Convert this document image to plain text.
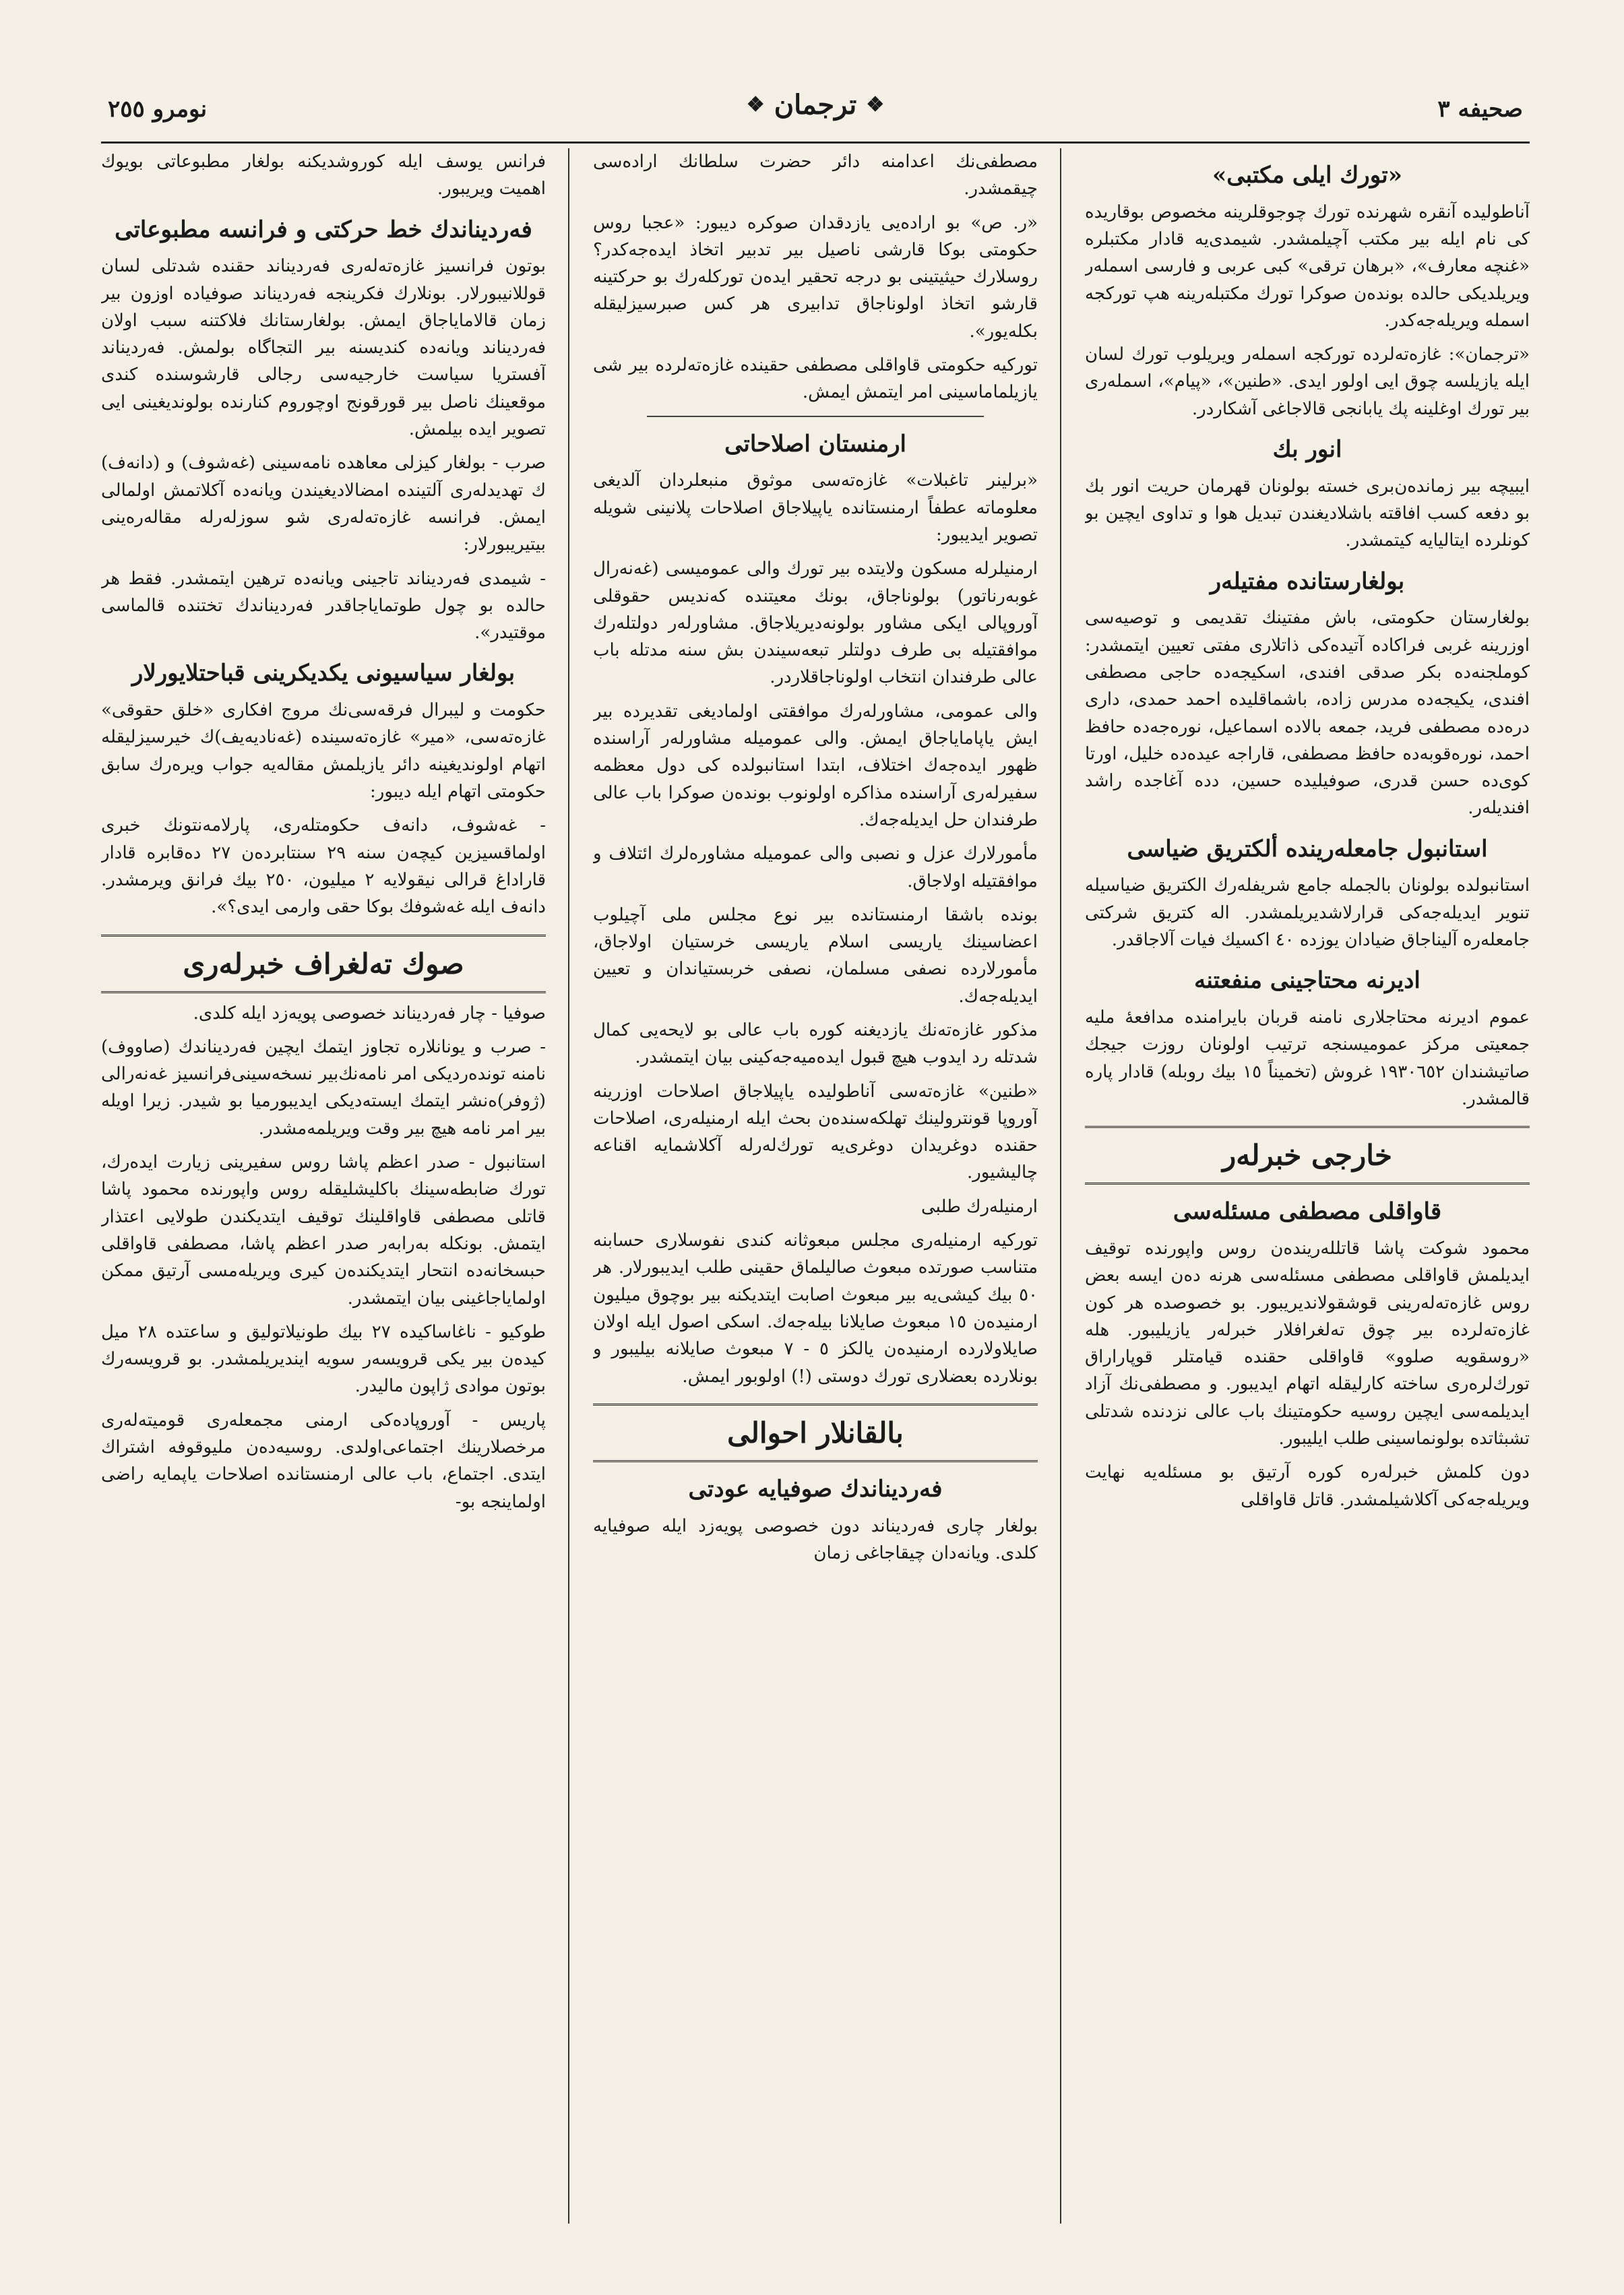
صحیفه ٣
❖
ترجمان
❖
نومرو ٢٥٥
«تورك ایلی مكتبی»

آناطولیده آنقره شهرنده تورك چوجوقلرینه مخصوص بوقاریده كی نام ایله بیر مكتب آچیلمشدر. شیمدی‌یه قادار مكتبلره «غنچه معارف»، «برهان ترقی» كبی عربی و فارسی اسمله‌ر ویریلدیكی حالده بونده‌ن صوكرا تورك مكتبله‌رینه هپ توركجه اسمله ویریله‌جه‌كدر.

«ترجمان»: غازه‌ته‌لرده توركجه اسمله‌ر ویریلوب تورك لسان ایله یازیلسه چوق ایی اولور ایدی. «طنین»، «پیام»، اسمله‌ری بیر تورك اوغلینه پك یابانجی قالاجاغی آشكاردر.

انور بك

ایبیچه بیر زمانده‌ن‌بری خسته بولونان قهرمان حریت انور بك بو دفعه كسب افاقته باشلادیغندن تبدیل هوا و تداوی ایچین بو كونلرده ایتالیایه كیتمشدر.

بولغارستانده مفتیله‌ر

بولغارستان حكومتی، باش مفتینك تقدیمی و توصیه‌سی اوزرینه غربی فراكاده آتیده‌كی ذاتلاری مفتی تعیین ایتمشدر: كوملجنه‌ده بكر صدقی افندی، اسكیجه‌ده حاجی مصطفی افندی، یكیجه‌ده مدرس زاده، باشماقلیده احمد حمدی، داری دره‌ده مصطفی فرید، جمعه بالاده اسماعیل، نوره‌جه‌ده حافظ احمد، نوره‌قوبه‌ده حافظ مصطفی، قاراجه عیده‌ده خلیل، اورتا كوی‌ده حسن قدری، صوفیلیده حسین، دده آغاجده راشد افندیله‌ر.

استانبول جامعله‌رینده ألكتریق ضیاسی

استانبولده بولونان بالجمله جامع شریفله‌رك الكتریق ضیاسیله تنویر ایدیله‌جه‌كی قرارلاشدیریلمشدر. اله كتریق شركتی جامعله‌ره آلیناجاق ضیادان یوزده ٤٠ اكسیك فیات آلاجاقدر.

ادیرنه محتاجینی منفعتنه

عموم ادیرنه محتاجلاری نامنه قربان بایرامنده مدافعهٔ ملیه جمعیتی مركز عمومیسنجه ترتیب اولونان روزت جیجك صاتیشندان ١٩٣٠٦٥٢ غروش (تخمیناً ١٥ بیك روبله) قادار پاره قالمشدر.

خارجی خبرله‌ر
قاواقلی مصطفی مسئله‌سی

محمود شوكت پاشا قاتلله‌رینده‌ن روس واپورنده توقیف ایدیلمش قاواقلی مصطفی مسئله‌سی هرنه ده‌ن ایسه بعض روس غازه‌ته‌له‌رینی قوشقولاندیریبور. بو خصوصده هر كون غازه‌ته‌لرده بیر چوق ته‌لغرافلار خبرله‌ر یازیلیبور. هله «روسقویه صلوو» قاواقلی حقنده قیامتلر قوپاراراق تورك‌لره‌ری ساخته كارلیقله اتهام ایدیبور. و مصطفی‌نك آزاد ایدیلمه‌سی ایچین روسیه حكومتینك باب عالی نزدنده شدتلی تشبثاتده بولونماسینی طلب ایلیبور.

دون كلمش خبرله‌ره كوره آرتیق بو مسئله‌یه نهایت ویریله‌جه‌كی آكلاشیلمشدر. قاتل قاواقلی

مصطفی‌نك اعدامنه دائر حضرت سلطانك اراده‌سی چیقمشدر.

«ر. ص» بو اراده‌یی یازدقدان صوكره دیبور: «عجبا روس حكومتی بوكا قارشی ناصیل بیر تدبیر اتخاذ ایده‌جه‌كدر؟ روسلارك حیثیتینی بو درجه تحقیر ایده‌ن توركله‌رك بو حركتینه قارشو اتخاذ اولوناجاق تدابیری هر كس صبرسیزلیقله بكله‌یور».

توركیه حكومتی قاواقلی مصطفی حقینده غازه‌ته‌لرده بیر شی یازیلماماسینی امر ایتمش ایمش.

ارمنستان اصلاحاتی

«برلینر تاغبلات» غازه‌ته‌سی موثوق منبعلردان آلدیغی معلوماته عطفاً ارمنستانده یاپیلاجاق اصلاحات پلانینی شویله تصویر ایدیبور:

ارمنیلرله مسكون ولایتده بیر تورك والی عمومیسی (غه‌نه‌رال غوبه‌رناتور) بولوناجاق، بونك معیتنده كه‌ندیس حقوقلی آوروپالی ایكی مشاور بولونه‌دیریلاجاق. مشاورله‌ر دولتله‌رك موافقتیله بی طرف دولتلر تبعه‌سیندن بش سنه مدتله باب عالی طرفندان انتخاب اولوناجاقلاردر.

والی عمومی، مشاورله‌رك موافقتی اولمادیغی تقدیرده بیر ایش یاپامایاجاق ایمش. والی عمومیله مشاورله‌ر آراسنده ظهور ایده‌جه‌ك اختلاف، ابتدا استانبولده كی دول معظمه سفیرله‌ری آراسنده مذاكره اولونوب بونده‌ن صوكرا باب عالی طرفندان حل ایدیله‌جه‌ك.

مأمورلارك عزل و نصبی والی عمومیله مشاوره‌لرك ائتلاف و موافقتیله اولاجاق.

بونده باشقا ارمنستانده بیر نوع مجلس ملی آچیلوب اعضاسینك یاریسی اسلام یاریسی خرستیان اولاجاق، مأمورلارده نصفی مسلمان، نصفی خربستیاندان و تعیین ایدیله‌جه‌ك.

مذكور غازه‌ته‌نك یازدیغنه كوره باب عالی بو لایحه‌یی كمال شدتله رد ایدوب هیچ قبول ایده‌میه‌جه‌كینی بیان ایتمشدر.

«طنین» غازه‌ته‌سی آناطولیده یاپیلاجاق اصلاحات اوزرینه آوروپا قونترولینك تهلكه‌سنده‌ن بحث ایله ارمنیله‌ری، اصلاحات حقنده دوغریدان دوغری‌یه تورك‌له‌رله آكلاشمایه اقناعه چالیشیور.

ارمنیله‌رك طلبی

توركیه ارمنیله‌ری مجلس مبعوثانه كندی نفوسلاری حسابنه متناسب صورتده مبعوث صالیلماق حقینی طلب ایدیبورلار. هر ٥٠ بیك كیشی‌یه بیر مبعوث اصابت ایتدیكنه بیر بوچوق میلیون ارمنیده‌ن ١٥ مبعوث صایلانا بیله‌جه‌ك. اسكی اصول ایله اولان صایلاولارده ارمنیده‌ن یالكز ٥ - ٧ مبعوث صایلانه بیلیبور و بونلارده بعضلاری تورك دوستی (!) اولوبور ایمش.

بالقانلار احوالی
فه‌ردیناندك صوفیایه عودتی

بولغار چاری فه‌ردیناند دون خصوصی پویه‌زد ایله صوفیایه كلدی. ویانه‌دان چیقاجاغی زمان

فرانس یوسف ایله كوروشدیكنه بولغار مطبوعاتی بویوك اهمیت ویریبور.

فه‌ردیناندك خط حركتی و فرانسه مطبوعاتی

بوتون فرانسیز غازه‌ته‌له‌ری فه‌ردیناند حقنده شدتلی لسان قوللانیبورلار. بونلارك فكرینجه فه‌ردیناند صوفیاده اوزون بیر زمان قالامایاجاق ایمش. بولغارستانك فلاكتنه سبب اولان فه‌ردیناند ویانه‌ده كندیسنه بیر التجاگاه بولمش. فه‌ردیناند آفستریا سیاست خارجیه‌سی رجالی قارشوسنده كندی موقعینك ناصل بیر قورقونج اوچوروم كنارنده بولوندیغینی ایی تصویر ایده بیلمش.

صرب - بولغار كیزلی معاهده نامه‌سینی (غه‌شوف) و (دانه‌ف) ك تهدیدله‌ری آلتینده امضالادیغیندن ویانه‌ده آكلاتمش اولمالی ایمش. فرانسه غازه‌ته‌له‌ری شو سوزله‌رله مقاله‌ره‌ینی بیتیریبورلار:

- شیمدی فه‌ردیناند تاجینی ویانه‌ده ترهین ایتمشدر. فقط هر حالده بو چول طوتمایاجاقدر فه‌ردیناندك تختنده قالماسی موقتیدر».

بولغار سیاسیونی یكدیكرینی قباحتلایورلار

حكومت و لیبرال فرقه‌سی‌نك مروج افكاری «خلق حقوقی» غازه‌ته‌سی، «میر» غازه‌ته‌سینده (غه‌نادیه‌یف)ك خیرسیزلیقله اتهام اولوندیغینه دائر یازیلمش مقاله‌یه جواب ویره‌رك سابق حكومتی اتهام ایله دیبور:

- غه‌شوف، دانه‌ف حكومتله‌ری، پارلامه‌نتونك خبری اولماقسیزین كیچه‌ن سنه ٢٩ سنتابرده‌ن ٢٧ ده‌قابره قادار قاراداغ قرالی نیقولایه ٢ میلیون، ٢٥٠ بیك فرانق ویرمشدر. دانه‌ف ایله غه‌شوفك بوكا حقی وارمی ایدی؟».

صوك ته‌لغراف خبرله‌ری

صوفیا - چار فه‌ردیناند خصوصی پویه‌زد ایله كلدی.

- صرب و یونانلاره تجاوز ایتمك ایچین فه‌ردیناندك (صاووف) نامنه تونده‌ردیكی امر نامه‌نك‌بیر نسخه‌سینی‌فرانسیز غه‌نه‌رالی (ژوفر)ه‌نشر ایتمك ایسته‌دیكی ایدیبورمیا بو شیدر. زیرا اویله بیر امر نامه هیچ بیر وقت ویریلمه‌مشدر.

استانبول - صدر اعظم پاشا روس سفیرینی زیارت ایده‌رك، تورك ضابطه‌سینك باكلیشلیقله روس واپورنده محمود پاشا قاتلی مصطفی قاواقلینك توقیف ایتدیكندن طولایی اعتذار ایتمش. بونكله به‌رابه‌ر صدر اعظم پاشا، مصطفی قاواقلی حبسخانه‌ده انتحار ایتدیكنده‌ن كیری ویریله‌مسی آرتیق ممكن اولمایاجاغینی بیان ایتمشدر.

طوكیو - ناغاساكیده ٢٧ بیك طونیلاتولیق و ساعتده ٢٨ میل كیده‌ن بیر یكی قرویسه‌ر سویه ایندیریلمشدر. بو قرویسه‌رك بوتون موادی ژاپون مالیدر.

پاریس - آوروپاده‌كی ارمنی مجمعله‌ری قومیته‌له‌ری مرخصلارینك اجتماعی‌اولدی. روسیه‌ده‌ن ملیوقوفه اشتراك ایتدی. اجتماع، باب عالی ارمنستانده اصلاحات یاپمایه راضی اولماینجه بو-
